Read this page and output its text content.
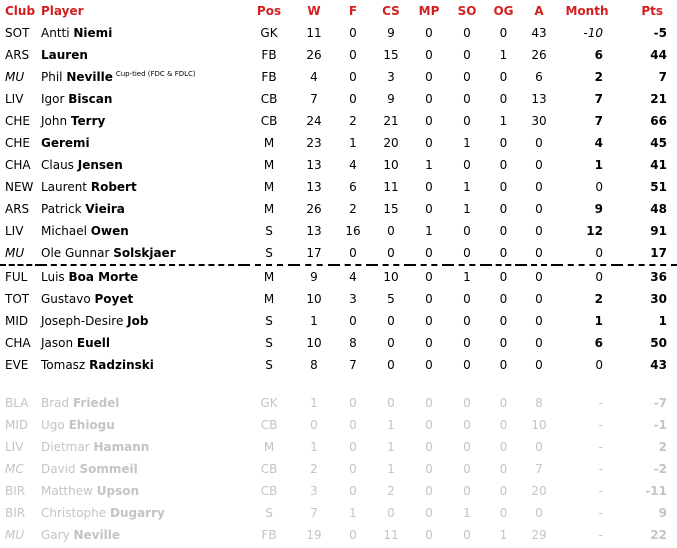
Club	Player	Pos	W	F	CS	MP	SO	OG	A	Month	Pts
SOT	Antti Niemi	GK	11	0	9	0	0	0	43	-10	-5
ARS	Lauren	FB	26	0	15	0	0	1	26	6	44
MU	Phil Neville $^{Cup-tied (FDC \& FDLC)}$	FB	4	0	3	0	0	0	6	2	7
LIV	Igor Biscan	CB	7	0	9	0	0	0	13	7	21
CHE	John Terry	CB	24	2	21	0	0	1	30	7	66
CHE	Geremi	M	23	1	20	0	1	0	0	4	45
CHA	Claus Jensen	M	13	4	10	1	0	0	0	1	41
NEW	Laurent Robert	M	13	6	11	0	1	0	0	0	51
ARS	Patrick Vieira	M	26	2	15	0	1	0	0	9	48
LIV	Michael Owen	S	13	16	0	1	0	0	0	12	91
MU	Ole Gunnar Solskjaer	S	17	0	0	0	0	0	0	0	17
FUL	Luis Boa Morte	M	9	4	10	0	1	0	0	0	36
TOT	Gustavo Poyet	M	10	3	5	0	0	0	0	2	30
MID	Joseph-Desire Job	S	1	0	0	0	0	0	0	1	1
CHA	Jason Euell	S	10	8	0	0	0	0	0	6	50
EVE	Tomasz Radzinski	S	8	7	0	0	0	0	0	0	43

BLA	Brad Friedel	GK	1	0	0	0	0	0	8	-	-7
MID	Ugo Ehiogu	CB	0	0	1	0	0	0	10	-	-1
LIV	Dietmar Hamann	M	1	0	1	0	0	0	0	-	2
MC	David Sommeil	CB	2	0	1	0	0	0	7	-	-2
BIR	Matthew Upson	CB	3	0	2	0	0	0	20	-	-11
BIR	Christophe Dugarry	S	7	1	0	0	1	0	0	-	9
MU	Gary Neville	FB	19	0	11	0	0	1	29	-	22
